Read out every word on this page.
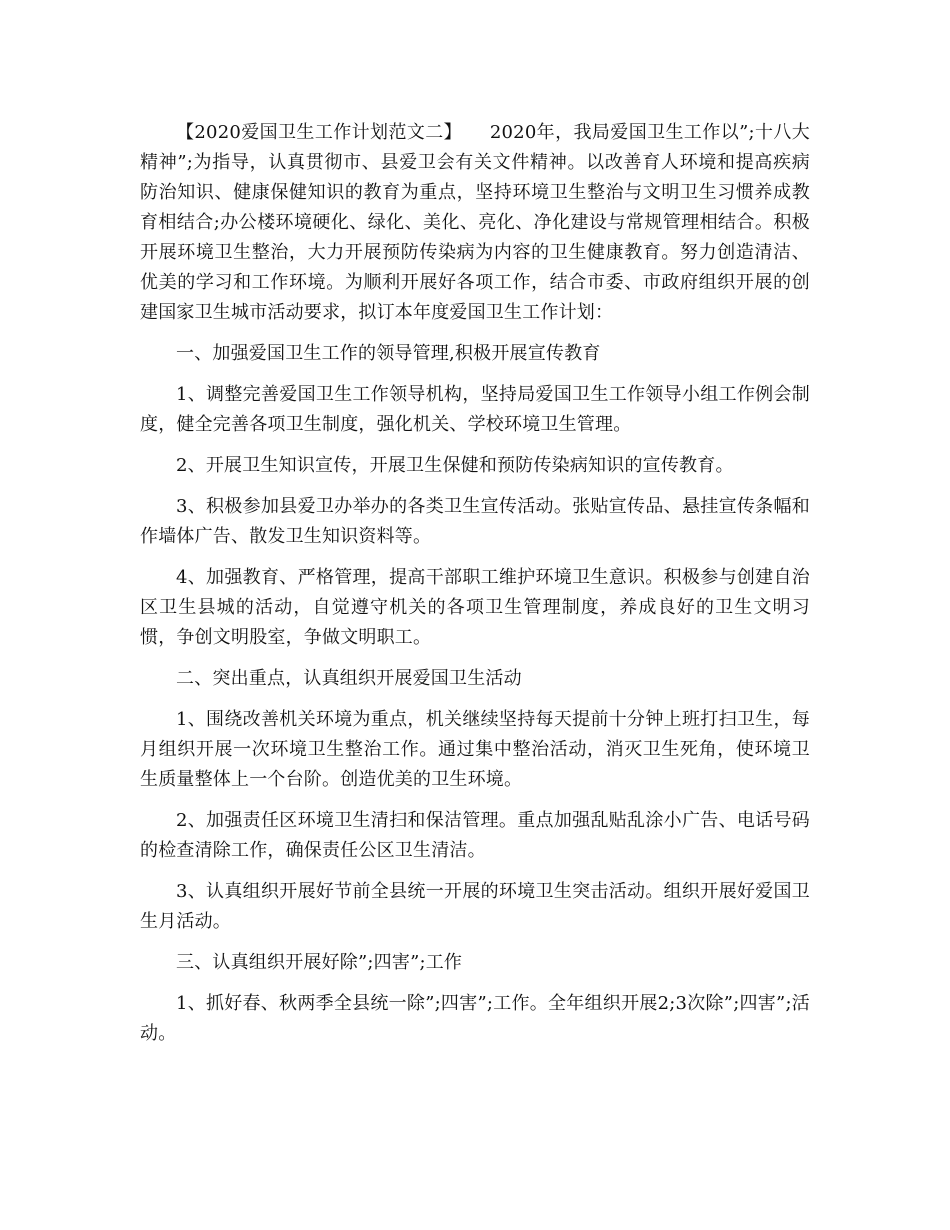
【2020爱国卫生工作计划范文二】　　2020年，我局爱国卫生工作以”;十八大精神”;为指导，认真贯彻市、县爱卫会有关文件精神。以改善育人环境和提高疾病防治知识、健康保健知识的教育为重点，坚持环境卫生整治与文明卫生习惯养成教育相结合;办公楼环境硬化、绿化、美化、亮化、净化建设与常规管理相结合。积极开展环境卫生整治，大力开展预防传染病为内容的卫生健康教育。努力创造清洁、优美的学习和工作环境。为顺利开展好各项工作，结合市委、市政府组织开展的创建国家卫生城市活动要求，拟订本年度爱国卫生工作计划：

一、加强爱国卫生工作的领导管理,积极开展宣传教育

1、调整完善爱国卫生工作领导机构，坚持局爱国卫生工作领导小组工作例会制度，健全完善各项卫生制度，强化机关、学校环境卫生管理。

2、开展卫生知识宣传，开展卫生保健和预防传染病知识的宣传教育。

3、积极参加县爱卫办举办的各类卫生宣传活动。张贴宣传品、悬挂宣传条幅和作墙体广告、散发卫生知识资料等。

4、加强教育、严格管理，提高干部职工维护环境卫生意识。积极参与创建自治区卫生县城的活动，自觉遵守机关的各项卫生管理制度，养成良好的卫生文明习惯，争创文明股室，争做文明职工。

二、突出重点，认真组织开展爱国卫生活动

1、围绕改善机关环境为重点，机关继续坚持每天提前十分钟上班打扫卫生，每月组织开展一次环境卫生整治工作。通过集中整治活动，消灭卫生死角，使环境卫生质量整体上一个台阶。创造优美的卫生环境。

2、加强责任区环境卫生清扫和保洁管理。重点加强乱贴乱涂小广告、电话号码的检查清除工作，确保责任公区卫生清洁。

3、认真组织开展好节前全县统一开展的环境卫生突击活动。组织开展好爱国卫生月活动。

三、认真组织开展好除”;四害”;工作

1、抓好春、秋两季全县统一除”;四害”;工作。全年组织开展2;3次除”;四害”;活动。
